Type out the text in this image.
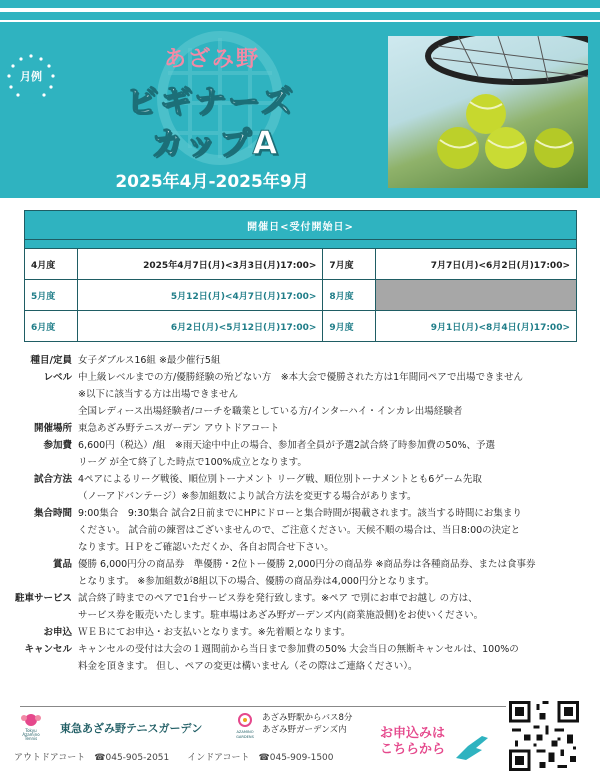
月例
あざみ野
ビギナーズ
カップA
2025年4月-2025年9月
開催日<受付開始日>			

4月度	2025年4月7日(月)<3月3日(月)17:00>	7月度	7月7日(月)<6月2日(月)17:00>
5月度	5月12日(月)<4月7日(月)17:00>	8月度	
6月度	6月2日(月)<5月12日(月)17:00>	9月度	9月1日(月)<8月4日(月)17:00>
種目/定員 女子ダブルス16組 ※最少催行5組
レベル 中上級レベルまでの方/優勝経験の殆どない方　※本大会で優勝された方は1年間同ペアで出場できません
※以下に該当する方は出場できません
全国レディース出場経験者/コーチを職業としている方/インターハイ・インカレ出場経験者
開催場所 東急あざみ野テニスガーデン アウトドアコート
参加費 6,600円（税込）/組　※雨天途中中止の場合、参加者全員が予選2試合終了時参加費の50%、予選
リーグ が全て終了した時点で100%成立となります。
試合方法 4ペアによるリーグ戦後、順位別トーナメント リーグ戦、順位別トーナメントとも6ゲーム先取
（ノーアドバンテージ）※参加組数により試合方法を変更する場合があります。
集合時間 9:00集合　9:30集合 試合2日前までにHPにドローと集合時間が掲載されます。該当する時間にお集まり
ください。 試合前の練習はございませんので、ご注意ください。天候不順の場合は、当日8:00の決定と
なります。ＨＰをご確認いただくか、各自お問合せ下さい。
賞品 優勝 6,000円分の商品券　準優勝・2位トー優勝 2,000円分の商品券 ※商品券は各種商品券、または食事券
となります。 ※参加組数が8組以下の場合、優勝の商品券は4,000円分となります。
駐車サービス 試合終了時までのペアで1台サービス券を発行致します。※ペア で別にお車でお越し の方は、
サービス券を販売いたします。駐車場はあざみ野ガーデンズ内(商業施設側)をお使いください。
お申込 ＷＥＢにてお申込・お支払いとなります。※先着順となります。
キャンセル キャンセルの受付は大会の１週間前から当日まで参加費の50% 大会当日の無断キャンセルは、100%の
料金を頂きます。 但し、ペアの変更は構いません（その際はご連絡ください）。
Tokyu
Azamino
Tennis
東急あざみ野テニスガーデン	AZAMINO
GARDENS
あざみ野駅からバス8分
あざみ野ガーデンズ内
アウトドアコート　☎045-905-2051　　インドアコート　☎045-909-1500
お申込みは
こちらから
